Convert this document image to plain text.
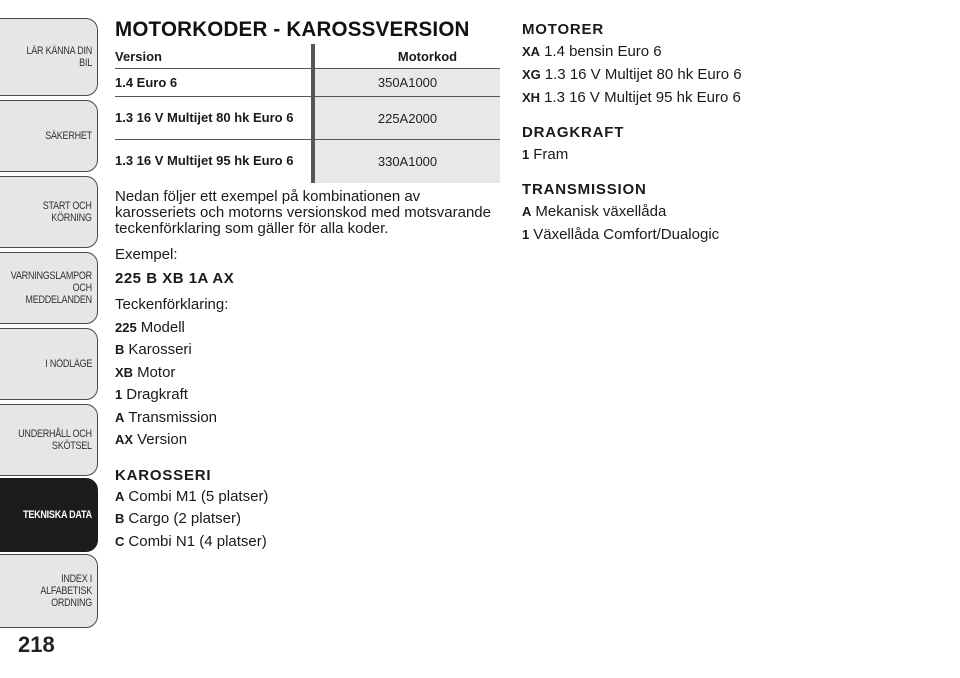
LÄR KÄNNA DIN BIL
SÄKERHET
START OCH
KÖRNING
VARNINGSLAMPOR
OCH
MEDDELANDEN
I NÖDLÄGE
UNDERHÅLL OCH
SKÖTSEL
TEKNISKA DATA
INDEX I ALFABETISK
ORDNING
218
MOTORKODER - KAROSSVERSION
Version		Motorkod
1.4 Euro 6		350A1000
1.3 16 V Multijet 80 hk Euro 6		225A2000
1.3 16 V Multijet 95 hk Euro 6		330A1000

Nedan följer ett exempel på kombinationen av karosseriets och motorns versionskod med motsvarande teckenförklaring som gäller för alla koder.

Exempel:
225 B XB 1A AX
Teckenförklaring:
225 Modell
B Karosseri
XB Motor
1 Dragkraft
A Transmission
AX Version
KAROSSERI
A Combi M1 (5 platser)
B Cargo (2 platser)
C Combi N1 (4 platser)
MOTORER
XA 1.4 bensin Euro 6
XG 1.3 16 V Multijet 80 hk Euro 6
XH 1.3 16 V Multijet 95 hk Euro 6
DRAGKRAFT
1 Fram
TRANSMISSION
A Mekanisk växellåda
1 Växellåda Comfort/Dualogic
